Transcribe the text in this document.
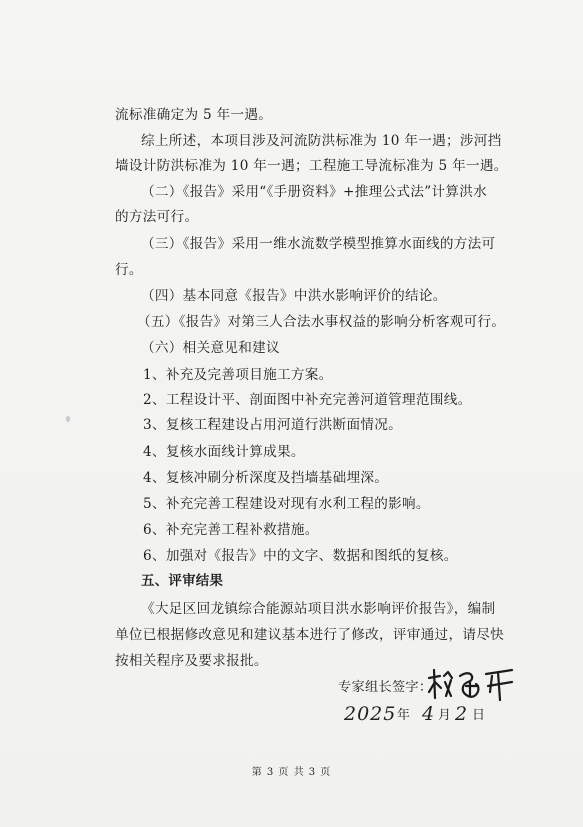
流标准确定为 5 年一遇。
综上所述，本项目涉及河流防洪标准为 10 年一遇；涉河挡
墙设计防洪标准为 10 年一遇；工程施工导流标准为 5 年一遇。
（二）《报告》采用“《手册资料》+推理公式法”计算洪水
的方法可行。
（三）《报告》采用一维水流数学模型推算水面线的方法可
行。
（四）基本同意《报告》中洪水影响评价的结论。
（五）《报告》对第三人合法水事权益的影响分析客观可行。
（六）相关意见和建议
1、补充及完善项目施工方案。
2、工程设计平、剖面图中补充完善河道管理范围线。
3、复核工程建设占用河道行洪断面情况。
4、复核水面线计算成果。
4、复核冲刷分析深度及挡墙基础埋深。
5、补充完善工程建设对现有水利工程的影响。
6、补充完善工程补救措施。
6、加强对《报告》中的文字、数据和图纸的复核。
五、评审结果
《大足区回龙镇综合能源站项目洪水影响评价报告》，编制
单位已根据修改意见和建议基本进行了修改，评审通过，请尽快
按相关程序及要求报批。
专家组长签字：
2025 年 4 月 2 日
第 3 页 共 3 页
